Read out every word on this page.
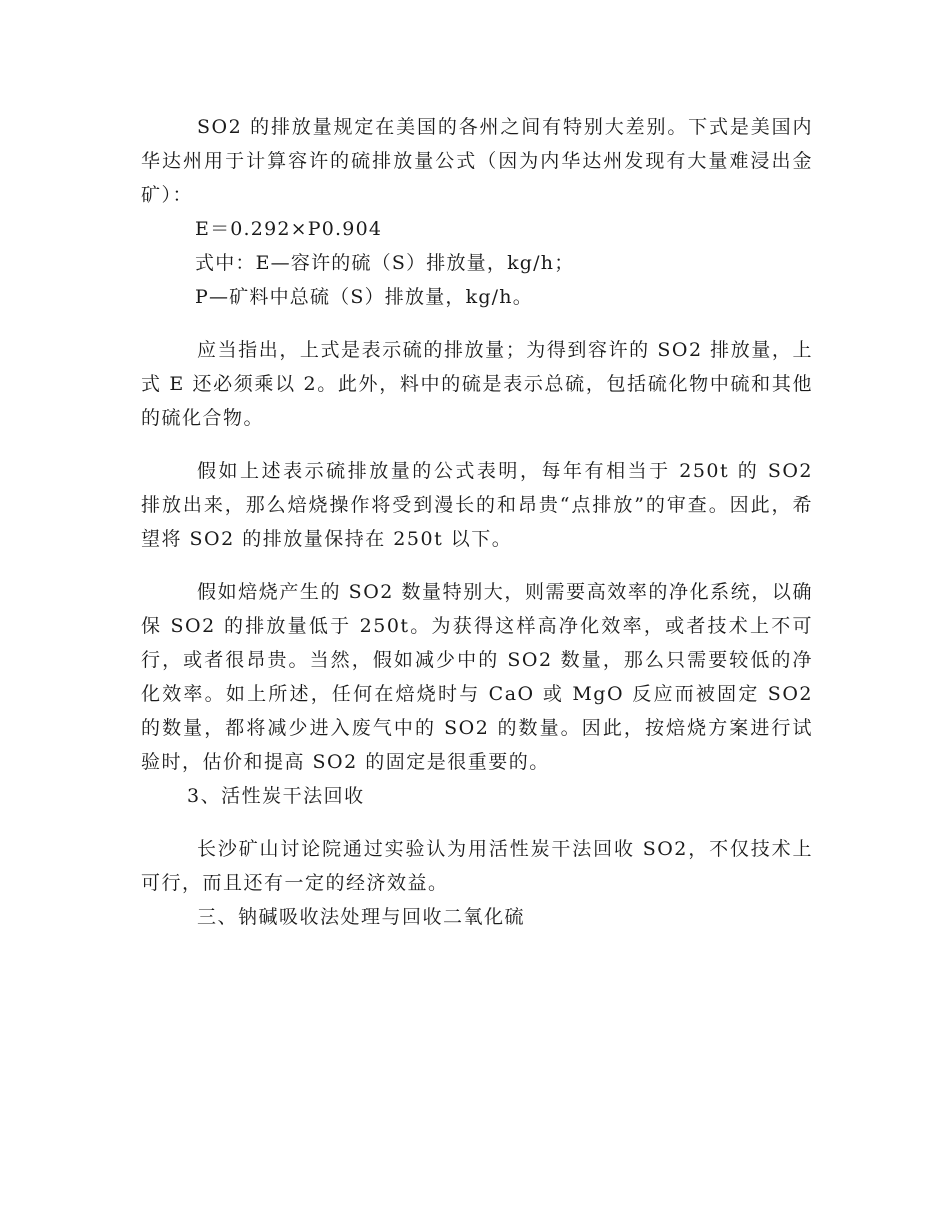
SO2 的排放量规定在美国的各州之间有特别大差别。下式是美国内华达州用于计算容许的硫排放量公式（因为内华达州发现有大量难浸出金矿）：

E＝0.292×P0.904

式中：E—容许的硫（S）排放量，kg/h；

P—矿料中总硫（S）排放量，kg/h。

应当指出，上式是表示硫的排放量；为得到容许的 SO2 排放量，上式 E 还必须乘以 2。此外，料中的硫是表示总硫，包括硫化物中硫和其他的硫化合物。

假如上述表示硫排放量的公式表明，每年有相当于 250t 的 SO2 排放出来，那么焙烧操作将受到漫长的和昂贵“点排放”的审查。因此，希望将 SO2 的排放量保持在 250t 以下。

假如焙烧产生的 SO2 数量特别大，则需要高效率的净化系统，以确保 SO2 的排放量低于 250t。为获得这样高净化效率，或者技术上不可行，或者很昂贵。当然，假如减少中的 SO2 数量，那么只需要较低的净化效率。如上所述，任何在焙烧时与 CaO 或 MgO 反应而被固定 SO2 的数量，都将减少进入废气中的 SO2 的数量。因此，按焙烧方案进行试验时，估价和提高 SO2 的固定是很重要的。

3、活性炭干法回收

长沙矿山讨论院通过实验认为用活性炭干法回收 SO2，不仅技术上可行，而且还有一定的经济效益。

三、钠碱吸收法处理与回收二氧化硫
